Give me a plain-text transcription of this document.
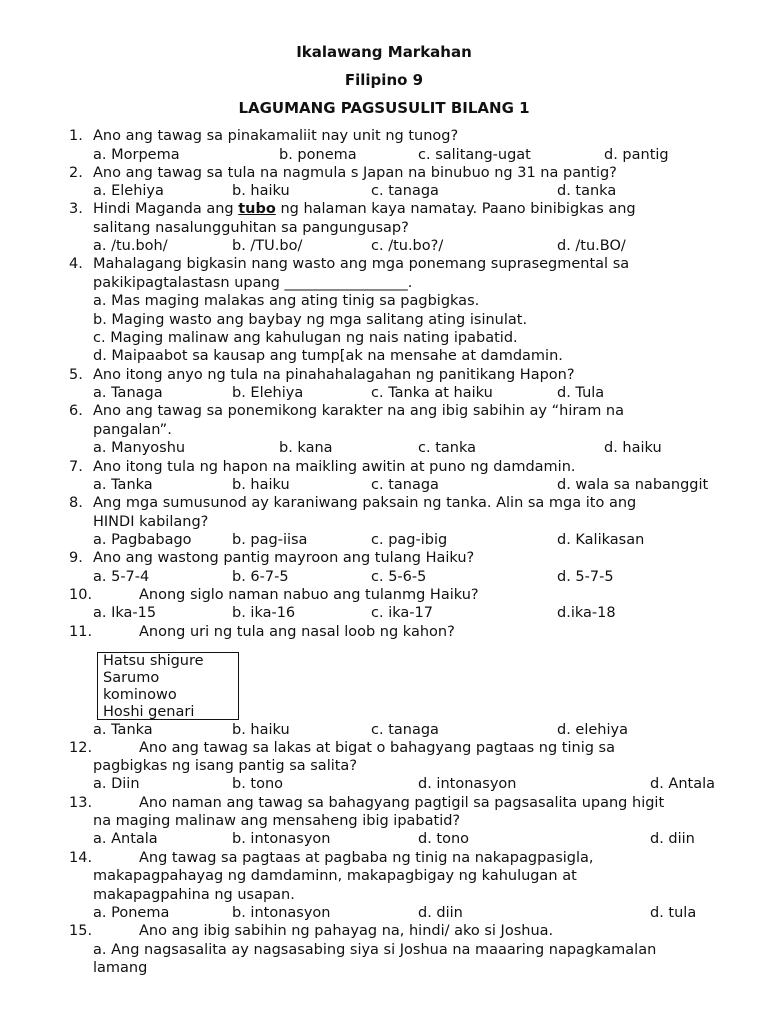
Ikalawang Markahan
Filipino 9
LAGUMANG PAGSUSULIT BILANG 1
1. Ano ang tawag sa pinakamaliit nay unit ng tunog?
a. Morpema	b. ponema	c. salitang-ugat	d. pantig
2. Ano ang tawag sa tula na nagmula s Japan na binubuo ng 31 na pantig?
a. Elehiya	b. haiku	c. tanaga	d. tanka
3. Hindi Maganda ang tubo ng halaman kaya namatay. Paano binibigkas ang
salitang nasalungguhitan sa pangungusap?
a. /tu.boh/	b. /TU.bo/	c. /tu.bo?/	d. /tu.BO/
4. Mahalagang bigkasin nang wasto ang mga ponemang suprasegmental sa
pakikipagtalastasn upang _________________.
a. Mas maging malakas ang ating tinig sa pagbigkas.
b. Maging wasto ang baybay ng mga salitang ating isinulat.
c. Maging malinaw ang kahulugan ng nais nating ipabatid.
d. Maipaabot sa kausap ang tump[ak na mensahe at damdamin.
5. Ano itong anyo ng tula na pinahahalagahan ng panitikang Hapon?
a. Tanaga	b. Elehiya	c. Tanka at haiku	d. Tula
6. Ano ang tawag sa ponemikong karakter na ang ibig sabihin ay “hiram na
pangalan”.
a. Manyoshu	b. kana	c. tanka	d. haiku
7. Ano itong tula ng hapon na maikling awitin at puno ng damdamin.
a. Tanka	b. haiku	c. tanaga	d. wala sa nabanggit
8. Ang mga sumusunod ay karaniwang paksain ng tanka. Alin sa mga ito ang
HINDI kabilang?
a. Pagbabago	b. pag-iisa	c. pag-ibig	d. Kalikasan
9. Ano ang wastong pantig mayroon ang tulang Haiku?
a. 5-7-4	b. 6-7-5	c. 5-6-5	d. 5-7-5
10.	Anong siglo naman nabuo ang tulanmg Haiku?
a. Ika-15	b. ika-16	c. ika-17	d.ika-18
11.	Anong uri ng tula ang nasal loob ng kahon?
Hatsu shigure
Sarumo
kominowo
Hoshi genari
a. Tanka	b. haiku	c. tanaga	d. elehiya
12.	Ano ang tawag sa lakas at bigat o bahagyang pagtaas ng tinig sa
pagbigkas ng isang pantig sa salita?
a. Diin	b. tono	d. intonasyon	d. Antala
13.	Ano naman ang tawag sa bahagyang pagtigil sa pagsasalita upang higit
na maging malinaw ang mensaheng ibig ipabatid?
a. Antala	b. intonasyon	d. tono	d. diin
14.	Ang tawag sa pagtaas at pagbaba ng tinig na nakapagpasigla,
makapagpahayag ng damdaminn, makapagbigay ng kahulugan at
makapagpahina ng usapan.
a. Ponema	b. intonasyon	d. diin	d. tula
15.	Ano ang ibig sabihin ng pahayag na, hindi/ ako si Joshua.
a. Ang nagsasalita ay nagsasabing siya si Joshua na maaaring napagkamalan
lamang
